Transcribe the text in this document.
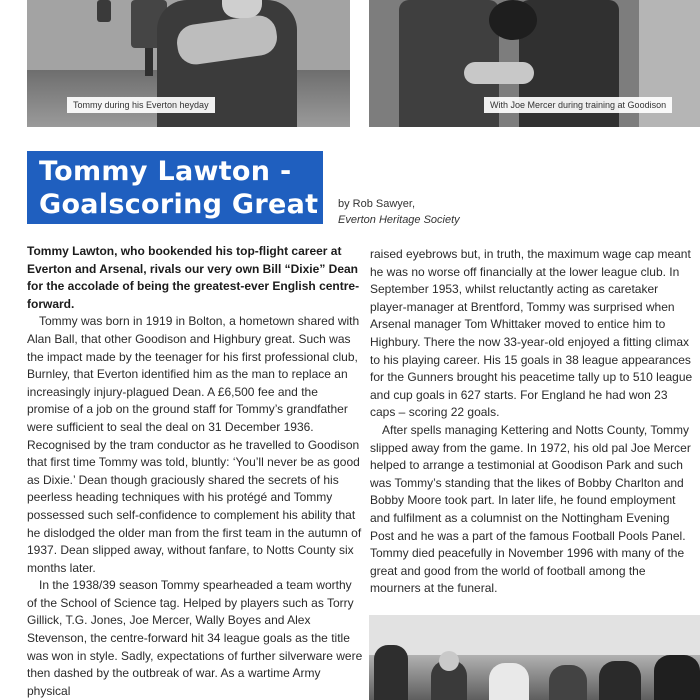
Tommy during his Everton heyday	With Joe Mercer during training at Goodison
Tommy Lawton -
Goalscoring Great	by Rob Sawyer,
Everton Heritage Society

Tommy Lawton, who bookended his top-flight career at Everton and Arsenal, rivals our very own Bill “Dixie” Dean for the accolade of being the greatest-ever English centre-forward.

Tommy was born in 1919 in Bolton, a hometown shared with Alan Ball, that other Goodison and Highbury great. Such was the impact made by the teenager for his first professional club, Burnley, that Everton identified him as the man to replace an increasingly injury-plagued Dean. A £6,500 fee and the promise of a job on the ground staff for Tommy’s grandfather were sufficient to seal the deal on 31 December 1936. Recognised by the tram conductor as he travelled to Goodison that first time Tommy was told, bluntly: ‘You’ll never be as good as Dixie.’ Dean though graciously shared the secrets of his peerless heading techniques with his protégé and Tommy possessed such self-confidence to complement his ability that he dislodged the older man from the first team in the autumn of 1937. Dean slipped away, without fanfare, to Notts County six months later.

In the 1938/39 season Tommy spearheaded a team worthy of the School of Science tag. Helped by players such as Torry Gillick, T.G. Jones, Joe Mercer, Wally Boyes and Alex Stevenson, the centre-forward hit 34 league goals as the title was won in style. Sadly, expectations of further silverware were then dashed by the outbreak of war. As a wartime Army physical

raised eyebrows but, in truth, the maximum wage cap meant he was no worse off financially at the lower league club. In September 1953, whilst reluctantly acting as caretaker player-manager at Brentford, Tommy was surprised when Arsenal manager Tom Whittaker moved to entice him to Highbury. There the now 33-year-old enjoyed a fitting climax to his playing career. His 15 goals in 38 league appearances for the Gunners brought his peacetime tally up to 510 league and cup goals in 627 starts. For England he had won 23 caps – scoring 22 goals.

After spells managing Kettering and Notts County, Tommy slipped away from the game. In 1972, his old pal Joe Mercer helped to arrange a testimonial at Goodison Park and such was Tommy’s standing that the likes of Bobby Charlton and Bobby Moore took part. In later life, he found employment and fulfilment as a columnist on the Nottingham Evening Post and he was a part of the famous Football Pools Panel. Tommy died peacefully in November 1996 with many of the great and good from the world of football among the mourners at the funeral.
